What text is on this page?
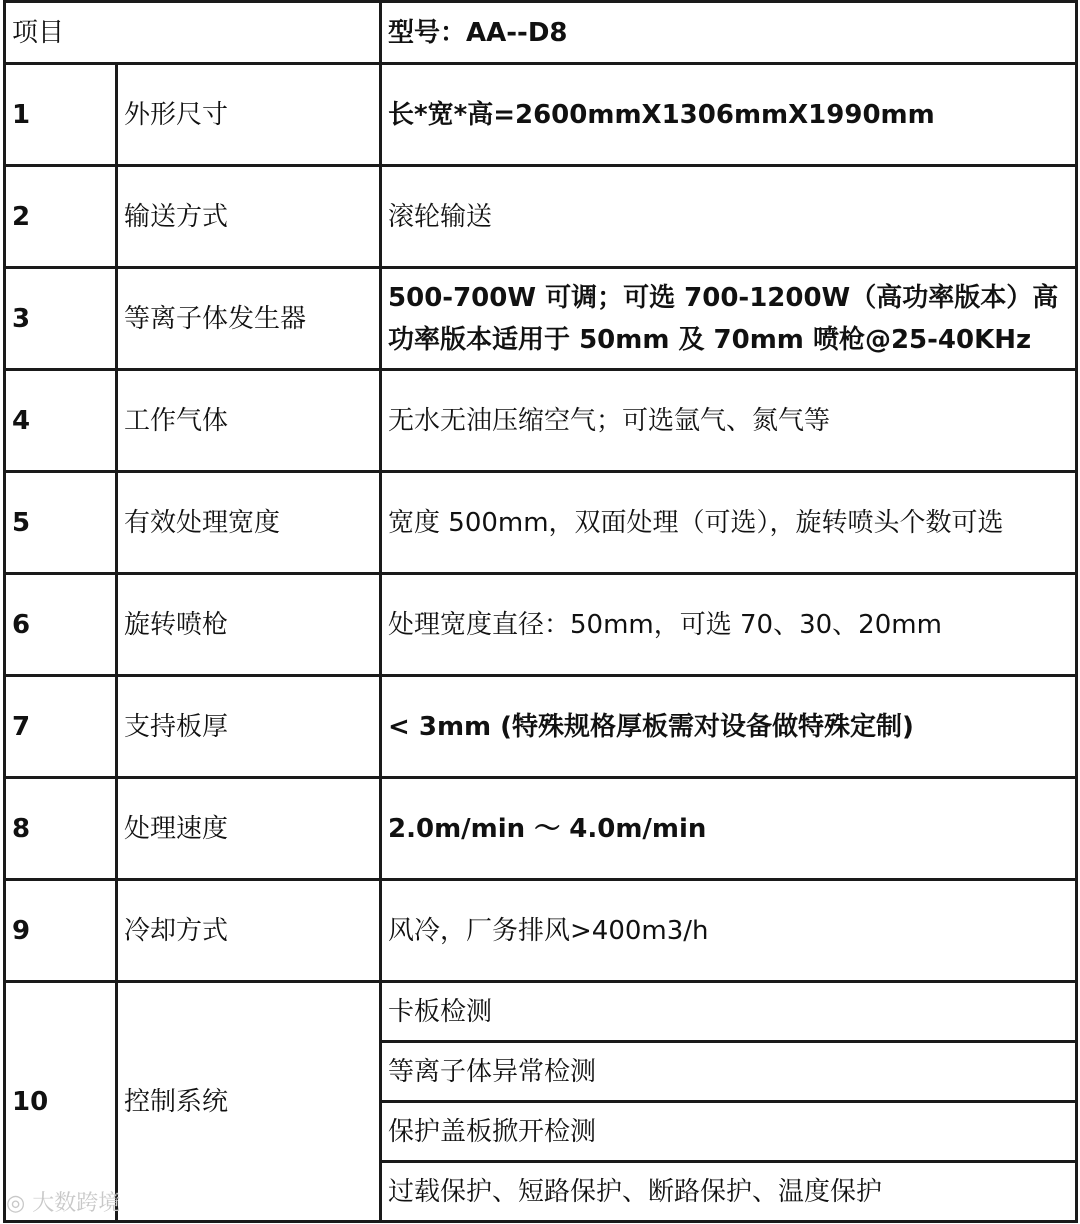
项目		型号：AA--D8
1	外形尺寸	长*宽*高=2600mmX1306mmX1990mm
2	输送方式	滚轮输送
3	等离子体发生器	500-700W 可调；可选 700-1200W（高功率版本）高功率版本适用于 50mm 及 70mm 喷枪@25-40KHz
4	工作气体	无水无油压缩空气；可选氩气、氮气等
5	有效处理宽度	宽度 500mm，双面处理（可选），旋转喷头个数可选
6	旋转喷枪	处理宽度直径：50mm，可选 70、30、20mm
7	支持板厚	< 3mm (特殊规格厚板需对设备做特殊定制)
8	处理速度	2.0m/min ～ 4.0m/min
9	冷却方式	风冷，厂务排风>400m3/h
10	控制系统	卡板检测
		等离子体异常检测
		保护盖板掀开检测
		过载保护、短路保护、断路保护、温度保护
◎ 大数跨境
